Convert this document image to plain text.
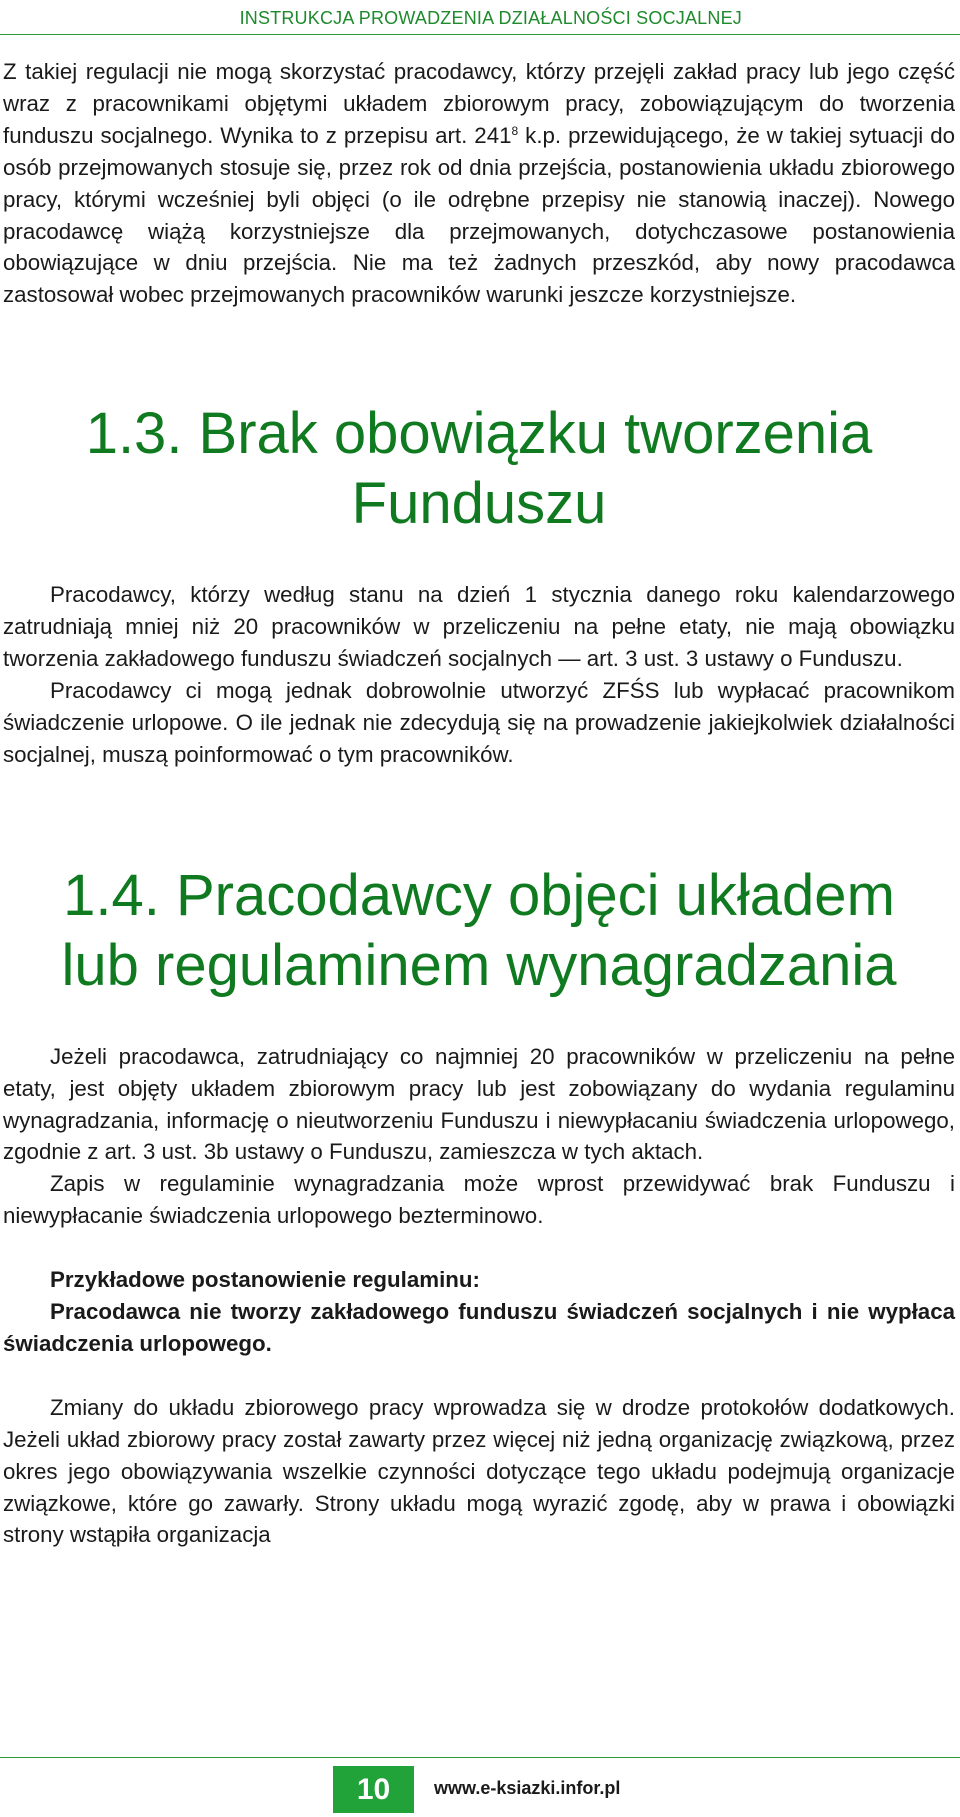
INSTRUKCJA PROWADZENIA DZIAŁALNOŚCI SOCJALNEJ

Z takiej regulacji nie mogą skorzystać pracodawcy, którzy przejęli zakład pracy lub jego część wraz z pracownikami objętymi układem zbiorowym pracy, zobowiązującym do tworzenia funduszu socjalnego. Wynika to z przepisu art. $241^8$ k.p. przewidującego, że w takiej sytuacji do osób przejmowanych stosuje się, przez rok od dnia przejścia, postanowienia układu zbiorowego pracy, którymi wcześniej byli objęci (o ile odrębne przepisy nie stanowią inaczej). Nowego pracodawcę wiążą korzystniejsze dla przejmowanych, dotychczasowe postanowienia obowiązujące w dniu przejścia. Nie ma też żadnych przeszkód, aby nowy pracodawca zastosował wobec przejmowanych pracowników warunki jeszcze korzystniejsze.

1.3. Brak obowiązku tworzenia
Funduszu

Pracodawcy, którzy według stanu na dzień 1 stycznia danego roku kalendarzowego zatrudniają mniej niż 20 pracowników w przeliczeniu na pełne etaty, nie mają obowiązku tworzenia zakładowego funduszu świadczeń socjalnych — art. 3 ust. 3 ustawy o Funduszu.

Pracodawcy ci mogą jednak dobrowolnie utworzyć ZFŚS lub wypłacać pracownikom świadczenie urlopowe. O ile jednak nie zdecydują się na prowadzenie jakiejkolwiek działalności socjalnej, muszą poinformować o tym pracowników.

1.4. Pracodawcy objęci układem
lub regulaminem wynagradzania

Jeżeli pracodawca, zatrudniający co najmniej 20 pracowników w przeliczeniu na pełne etaty, jest objęty układem zbiorowym pracy lub jest zobowiązany do wydania regulaminu wynagradzania, informację o nieutworzeniu Funduszu i niewypłacaniu świadczenia urlopowego, zgodnie z art. 3 ust. 3b ustawy o Funduszu, zamieszcza w tych aktach.

Zapis w regulaminie wynagradzania może wprost przewidywać brak Funduszu i niewypłacanie świadczenia urlopowego bezterminowo.

Przykładowe postanowienie regulaminu:

Pracodawca nie tworzy zakładowego funduszu świadczeń socjalnych i nie wypłaca świadczenia urlopowego.

Zmiany do układu zbiorowego pracy wprowadza się w drodze protokołów dodatkowych. Jeżeli układ zbiorowy pracy został zawarty przez więcej niż jedną organizację związkową, przez okres jego obowiązywania wszelkie czynności dotyczące tego układu podejmują organizacje związkowe, które go zawarły. Strony układu mogą wyrazić zgodę, aby w prawa i obowiązki strony wstąpiła organizacja

10	www.e-ksiazki.infor.pl
